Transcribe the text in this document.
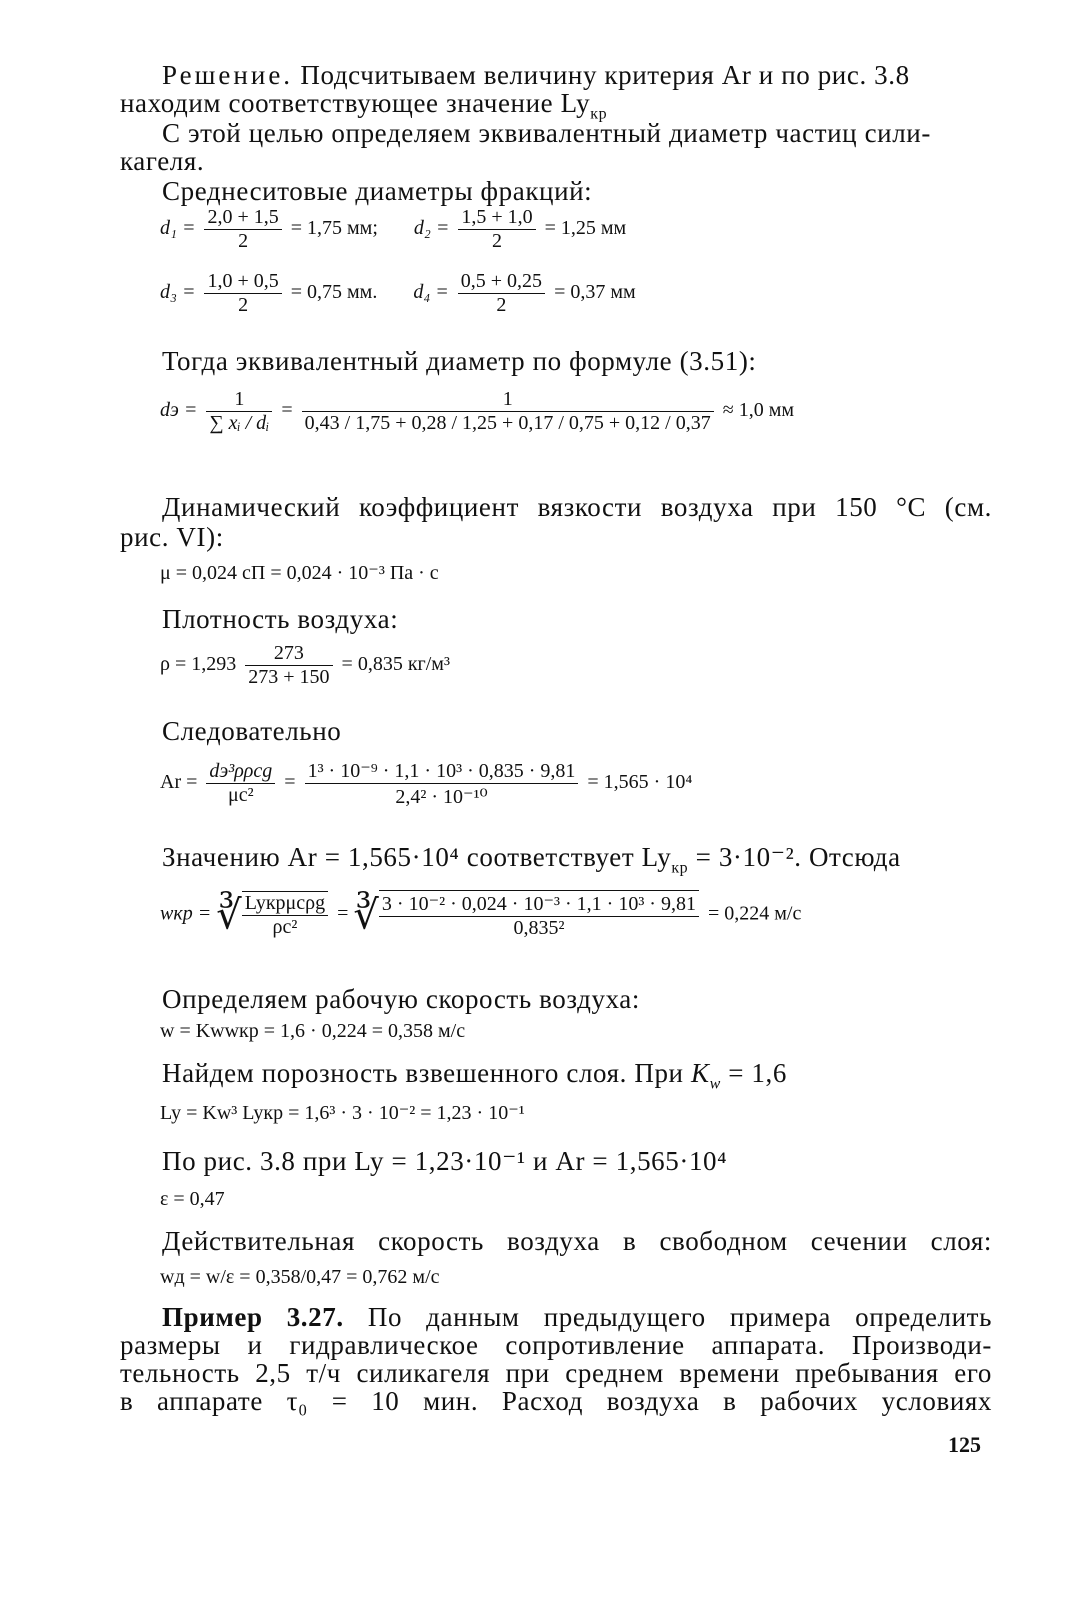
Решение. Подсчитываем величину критерия Ar и по рис. 3.8
находим соответствующее значение $Ly_{кр}$
С этой целью определяем эквивалентный диаметр частиц сили-
кагеля.
Среднеситовые диаметры фракций:
$d_1 = \frac{2,0 + 1,5}{2} = 1,75$ мм; $d_2 = \frac{1,5 + 1,0}{2} = 1,25$ мм
$d_3 = \frac{1,0 + 0,5}{2} = 0,75$ мм. $d_4 = \frac{0,5 + 0,25}{2} = 0,37$ мм
Тогда эквивалентный диаметр по формуле (3.51):
dэ = $\frac{1}{\text{∑ xᵢ / dᵢ}} = \frac{1}{0,43 / 1,75 + 0,28 / 1,25 + 0,17 / 0,75 + 0,12 / 0,37} \approx 1,0$ мм
Динамический коэффициент вязкости воздуха при 150 °C (см.
рис. VI):
μ = 0,024 сП = 0,024 · 10⁻³ Па · с
Плотность воздуха:
$\rho = 1,293 \frac{273}{273 + 150} = 0,835$ кг/м³
Следовательно
$Ar = \frac{\text{dэ³ρρсg}}{\text{μс²}} = \frac{\text{1³ · 10⁻⁹ · 1,1 · 10³ · 0,835 · 9,81}}{\text{2,4² · 10⁻¹⁰}} = 1,565 \cdot 10^4$
Значению Ar = 1,565·10⁴ соответствует $Ly_{кр} = 3\cdot 10^{-2}$. Отсюда
wкр = ∛ $\frac{\text{Lyкрμсρg}}{\text{ρс²}}$ = ∛ $\frac{\text{3 · 10⁻² · 0,024 · 10⁻³ · 1,1 · 10³ · 9,81}}{\text{0,835²}} = 0,224$ м/с
Определяем рабочую скорость воздуха:
w = Kwwкр = 1,6 · 0,224 = 0,358 м/с
Найдем порозность взвешенного слоя. При $K_w = 1,6$
Ly = Kw³ Lyкр = 1,6³ · 3 · 10⁻² = 1,23 · 10⁻¹
По рис. 3.8 при Ly = 1,23·10⁻¹ и Ar = 1,565·10⁴
ε = 0,47
Действительная скорость воздуха в свободном сечении слоя:
wд = w/ε = 0,358/0,47 = 0,762 м/с
Пример 3.27. По данным предыдущего примера определить
размеры и гидравлическое сопротивление аппарата. Производи-
тельность 2,5 т/ч силикагеля при среднем времени пребывания его
в аппарате τ₀ = 10 мин. Расход воздуха в рабочих условиях
125
